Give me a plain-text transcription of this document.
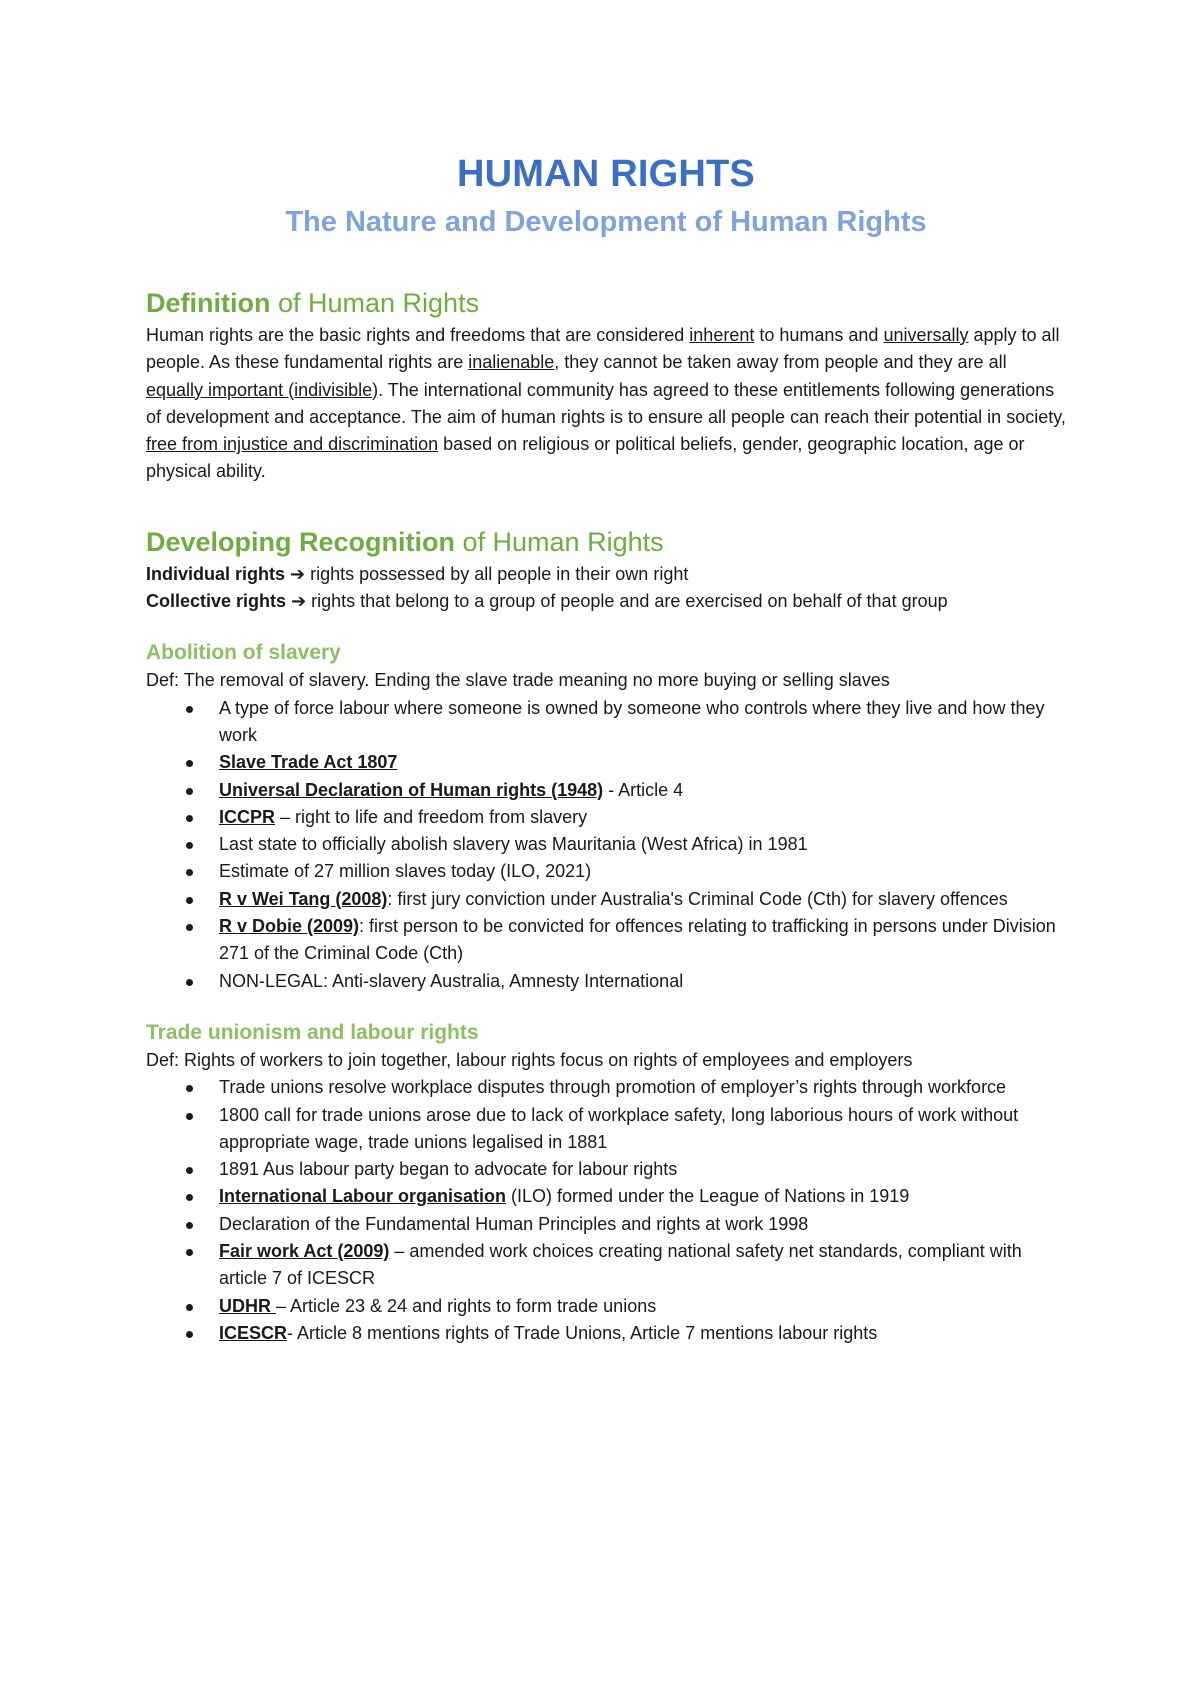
HUMAN RIGHTS
The Nature and Development of Human Rights
Definition of Human Rights

Human rights are the basic rights and freedoms that are considered inherent to humans and universally apply to all people. As these fundamental rights are inalienable, they cannot be taken away from people and they are all equally important (indivisible). The international community has agreed to these entitlements following generations of development and acceptance. The aim of human rights is to ensure all people can reach their potential in society, free from injustice and discrimination based on religious or political beliefs, gender, geographic location, age or physical ability.

Developing Recognition of Human Rights

Individual rights ➔ rights possessed by all people in their own right

Collective rights ➔ rights that belong to a group of people and are exercised on behalf of that group

Abolition of slavery

Def: The removal of slavery. Ending the slave trade meaning no more buying or selling slaves

A type of force labour where someone is owned by someone who controls where they live and how they work
Slave Trade Act 1807
Universal Declaration of Human rights (1948) - Article 4
ICCPR – right to life and freedom from slavery
Last state to officially abolish slavery was Mauritania (West Africa) in 1981
Estimate of 27 million slaves today (ILO, 2021)
R v Wei Tang (2008): first jury conviction under Australia's Criminal Code (Cth) for slavery offences
R v Dobie (2009): first person to be convicted for offences relating to trafficking in persons under Division 271 of the Criminal Code (Cth)
NON-LEGAL: Anti-slavery Australia, Amnesty International
Trade unionism and labour rights

Def: Rights of workers to join together, labour rights focus on rights of employees and employers

Trade unions resolve workplace disputes through promotion of employer’s rights through workforce
1800 call for trade unions arose due to lack of workplace safety, long laborious hours of work without appropriate wage, trade unions legalised in 1881
1891 Aus labour party began to advocate for labour rights
International Labour organisation (ILO) formed under the League of Nations in 1919
Declaration of the Fundamental Human Principles and rights at work 1998
Fair work Act (2009) – amended work choices creating national safety net standards, compliant with article 7 of ICESCR
UDHR – Article 23 & 24 and rights to form trade unions
ICESCR- Article 8 mentions rights of Trade Unions, Article 7 mentions labour rights
